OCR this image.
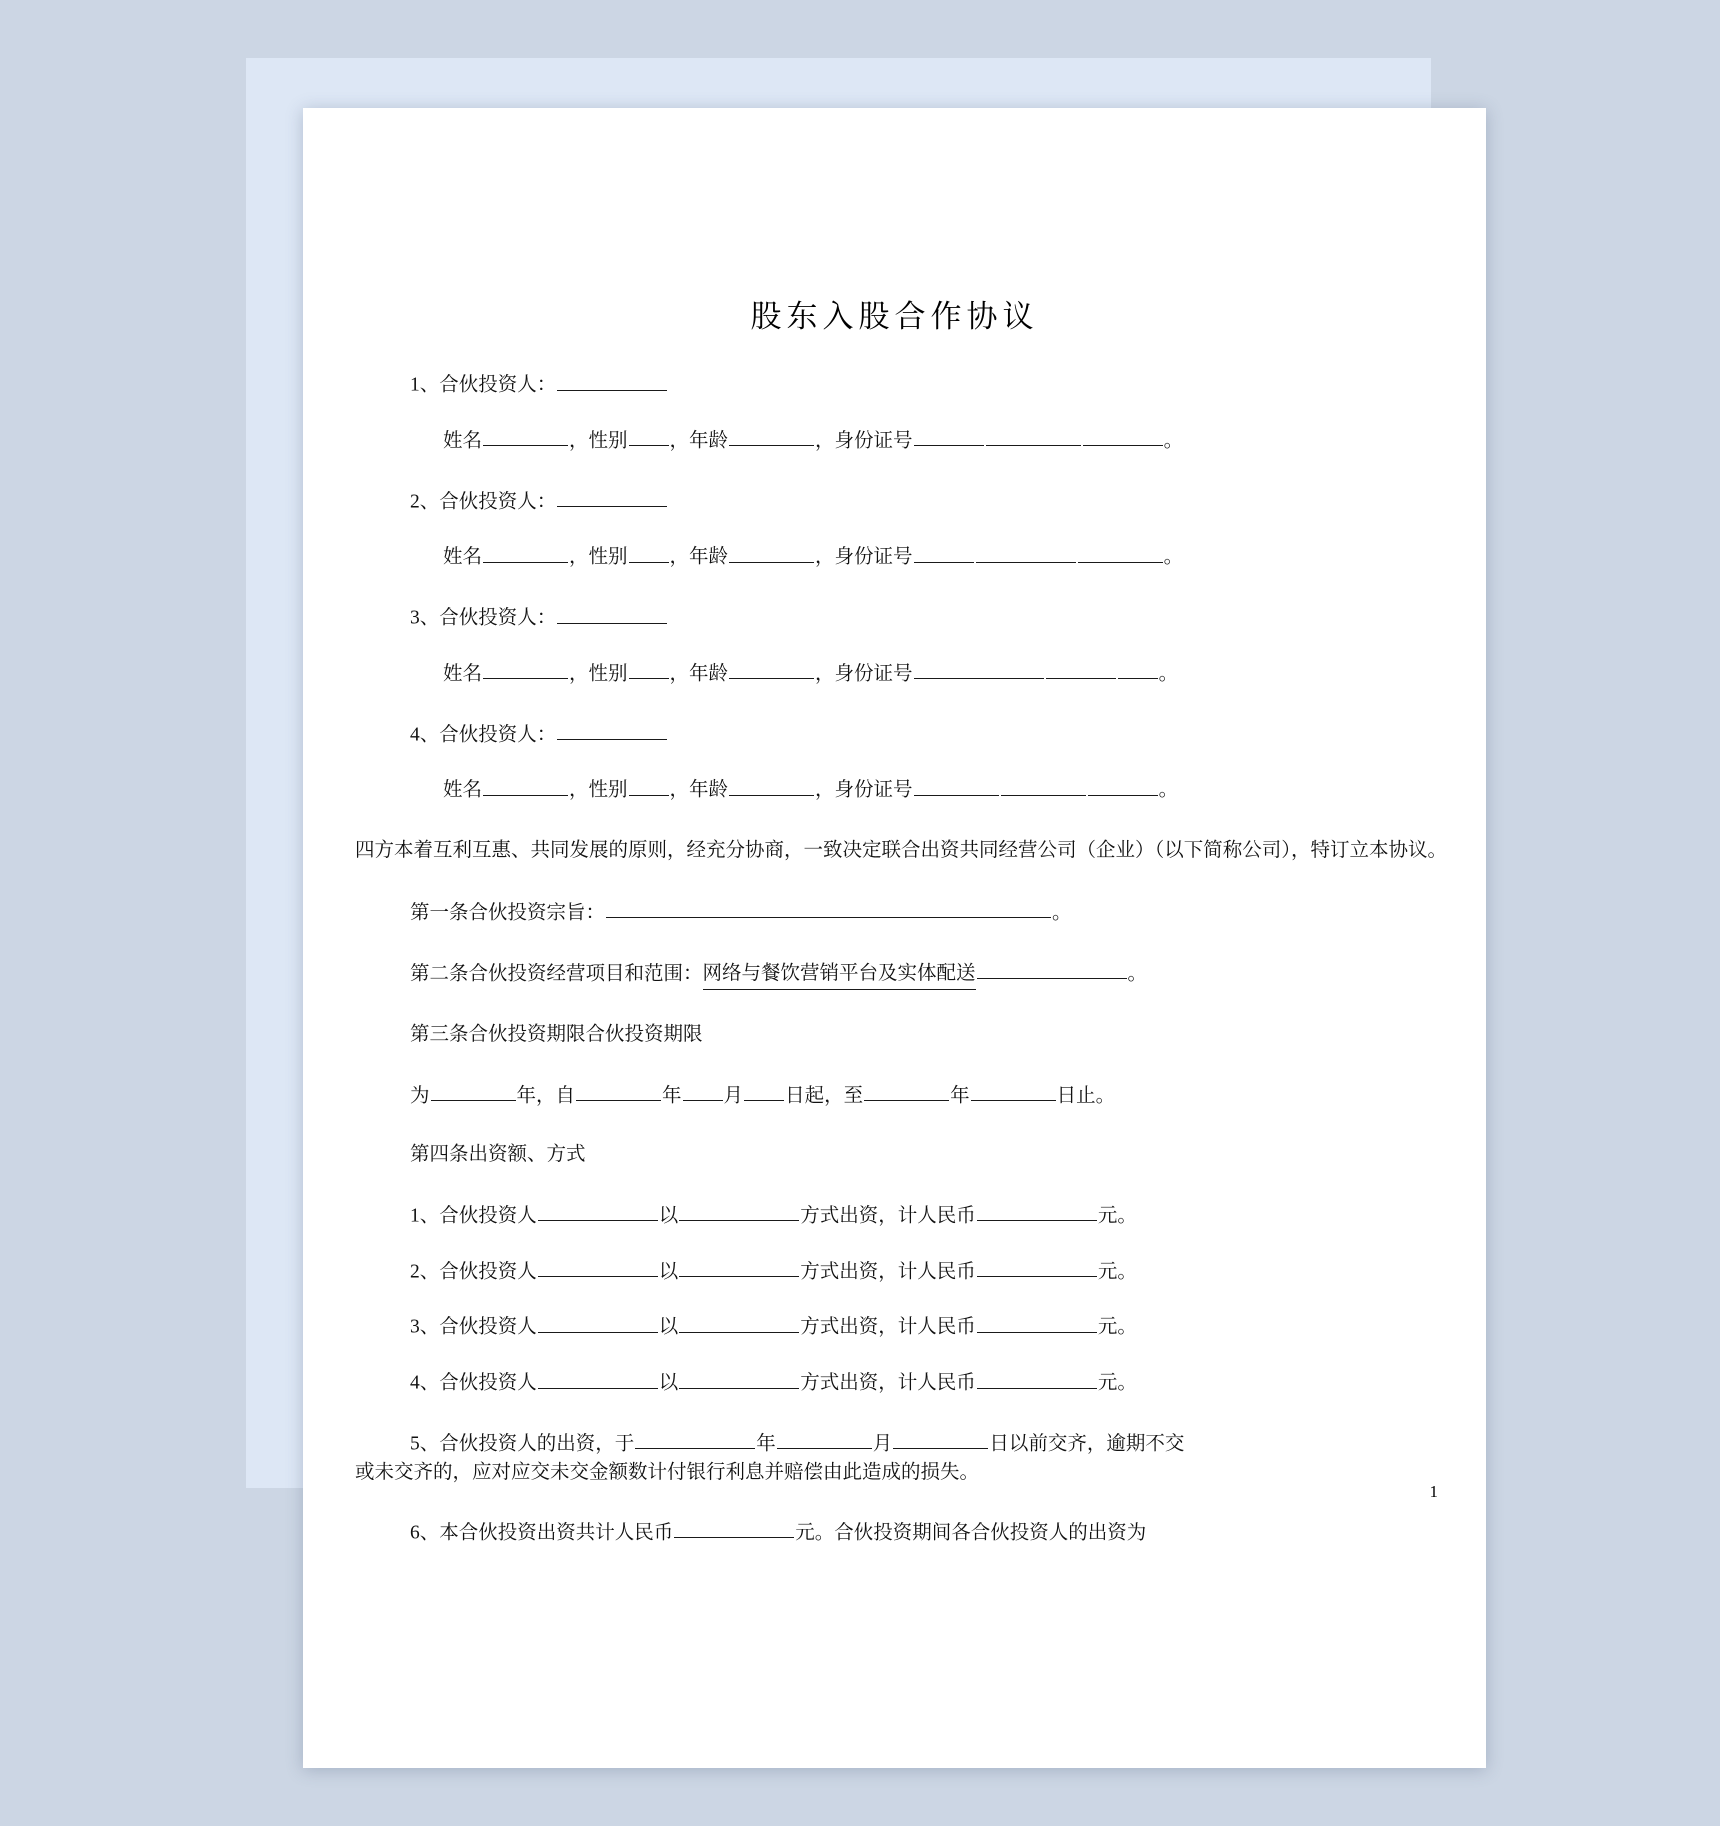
股东入股合作协议
1、合伙投资人：
姓名	，性别 ，年龄	，身份证号	。
2、合伙投资人：
姓名	，性别 ，年龄	，身份证号	。
3、合伙投资人：
姓名	，性别 ，年龄	，身份证号	。
4、合伙投资人：
姓名	，性别 ，年龄	，身份证号	。

四方本着互利互惠、共同发展的原则，经充分协商，一致决定联合出资共同经营公司（企业）（以下简称公司），特订立本协议。

第一条合伙投资宗旨：	。
第二条合伙投资经营项目和范围：网络与餐饮营销平台及实体配送	。
第三条合伙投资期限合伙投资期限
为	年，自	年 月 日起，至	年	日止。
第四条出资额、方式
1、合伙投资人	以	方式出资，计人民币	元。
2、合伙投资人	以	方式出资，计人民币	元。
3、合伙投资人	以	方式出资，计人民币	元。
4、合伙投资人	以	方式出资，计人民币	元。
5、合伙投资人的出资，于	年	月	日以前交齐，逾期不交
或未交齐的，应对应交未交金额数计付银行利息并赔偿由此造成的损失。
6、本合伙投资出资共计人民币	元。合伙投资期间各合伙投资人的出资为
1
